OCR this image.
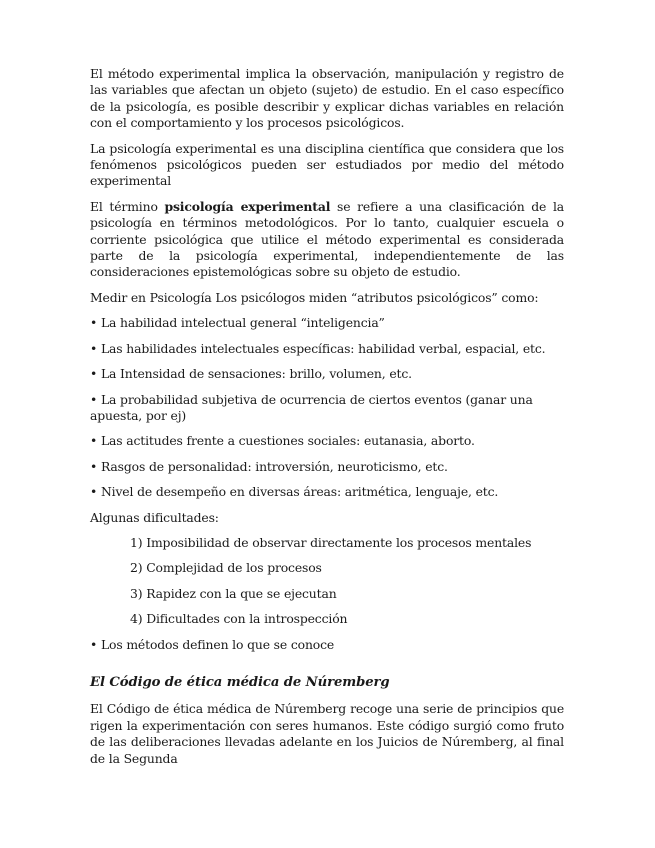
El método experimental implica la observación, manipulación y registro de las variables que afectan un objeto (sujeto) de estudio. En el caso específico de la psicología, es posible describir y explicar dichas variables en relación con el comportamiento y los procesos psicológicos.

La psicología experimental es una disciplina científica que considera que los fenómenos psicológicos pueden ser estudiados por medio del método experimental

El término psicología experimental se refiere a una clasificación de la psicología en términos metodológicos. Por lo tanto, cualquier escuela o corriente psicológica que utilice el método experimental es considerada parte de la psicología experimental, independientemente de las consideraciones epistemológicas sobre su objeto de estudio.

Medir en Psicología Los psicólogos miden “atributos psicológicos” como:

• La habilidad intelectual general “inteligencia”

• Las habilidades intelectuales específicas: habilidad verbal, espacial, etc.

• La Intensidad de sensaciones: brillo, volumen, etc.

• La probabilidad subjetiva de ocurrencia de ciertos eventos (ganar una apuesta, por ej)

• Las actitudes frente a cuestiones sociales: eutanasia, aborto.

• Rasgos de personalidad: introversión, neuroticismo, etc.

• Nivel de desempeño en diversas áreas: aritmética, lenguaje, etc.

Algunas dificultades:

1) Imposibilidad de observar directamente los procesos mentales

2) Complejidad de los procesos

3) Rapidez con la que se ejecutan

4) Dificultades con la introspección

• Los métodos definen lo que se conoce

El Código de ética médica de Núremberg

El Código de ética médica de Núremberg recoge una serie de principios que rigen la experimentación con seres humanos. Este código surgió como fruto de las deliberaciones llevadas adelante en los Juicios de Núremberg, al final de la Segunda
